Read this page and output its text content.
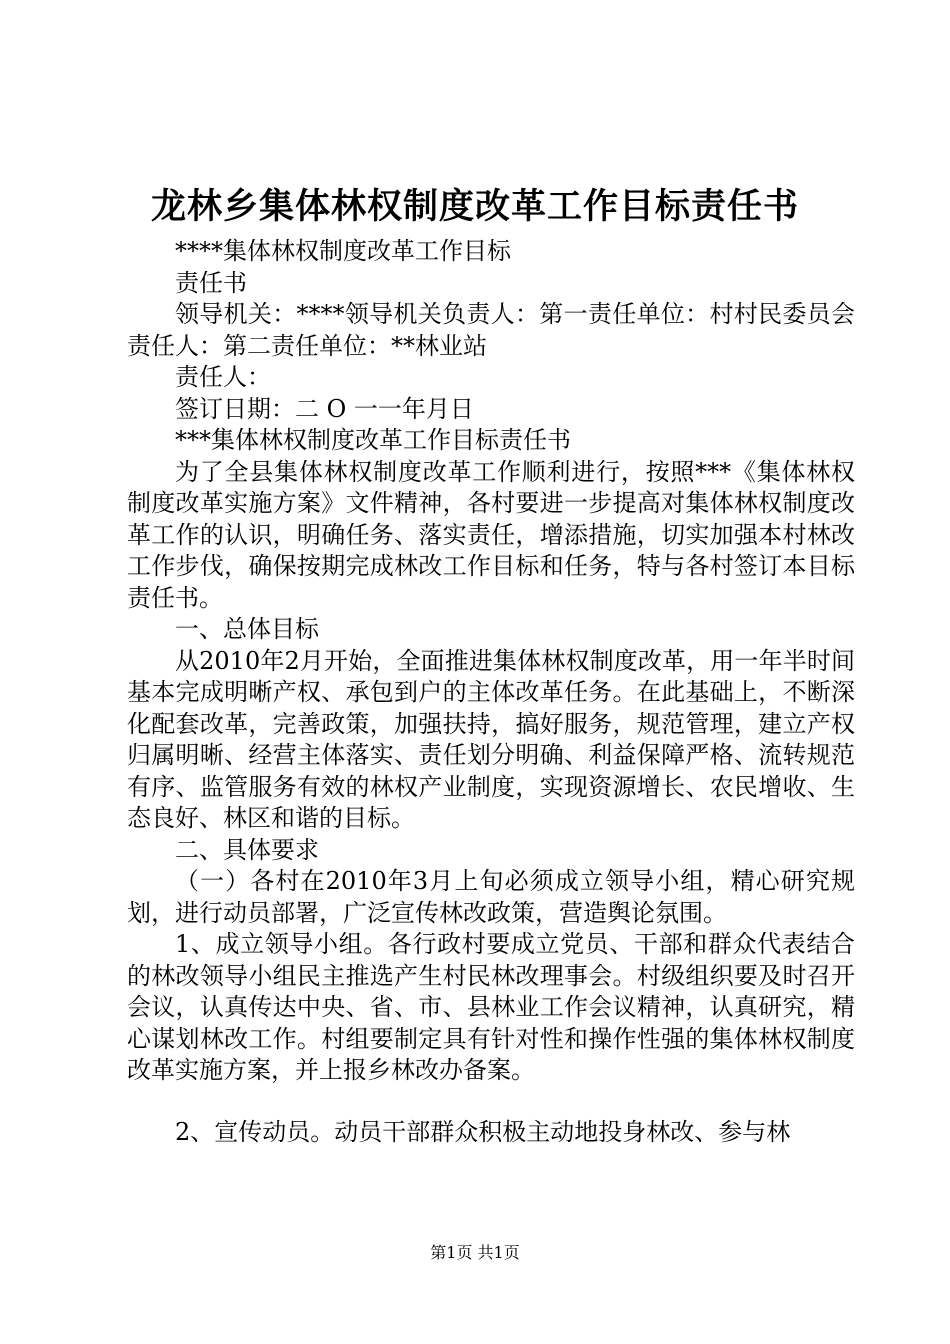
龙林乡集体林权制度改革工作目标责任书

****集体林权制度改革工作目标

责任书

领导机关：****领导机关负责人：第一责任单位：村村民委员会责任人：第二责任单位：**林业站

责任人：

签订日期：二 O 一一年月日

***集体林权制度改革工作目标责任书

为了全县集体林权制度改革工作顺利进行，按照***《集体林权制度改革实施方案》文件精神，各村要进一步提高对集体林权制度改革工作的认识，明确任务、落实责任，增添措施，切实加强本村林改工作步伐，确保按期完成林改工作目标和任务，特与各村签订本目标责任书。

一、总体目标

从2010年2月开始，全面推进集体林权制度改革，用一年半时间基本完成明晰产权、承包到户的主体改革任务。在此基础上，不断深化配套改革，完善政策，加强扶持，搞好服务，规范管理，建立产权归属明晰、经营主体落实、责任划分明确、利益保障严格、流转规范有序、监管服务有效的林权产业制度，实现资源增长、农民增收、生态良好、林区和谐的目标。

二、具体要求

（一）各村在2010年3月上旬必须成立领导小组，精心研究规划，进行动员部署，广泛宣传林改政策，营造舆论氛围。

1、成立领导小组。各行政村要成立党员、干部和群众代表结合的林改领导小组民主推选产生村民林改理事会。村级组织要及时召开会议，认真传达中央、省、市、县林业工作会议精神，认真研究，精心谋划林改工作。村组要制定具有针对性和操作性强的集体林权制度改革实施方案，并上报乡林改办备案。

2、宣传动员。动员干部群众积极主动地投身林改、参与林

第1页 共1页
